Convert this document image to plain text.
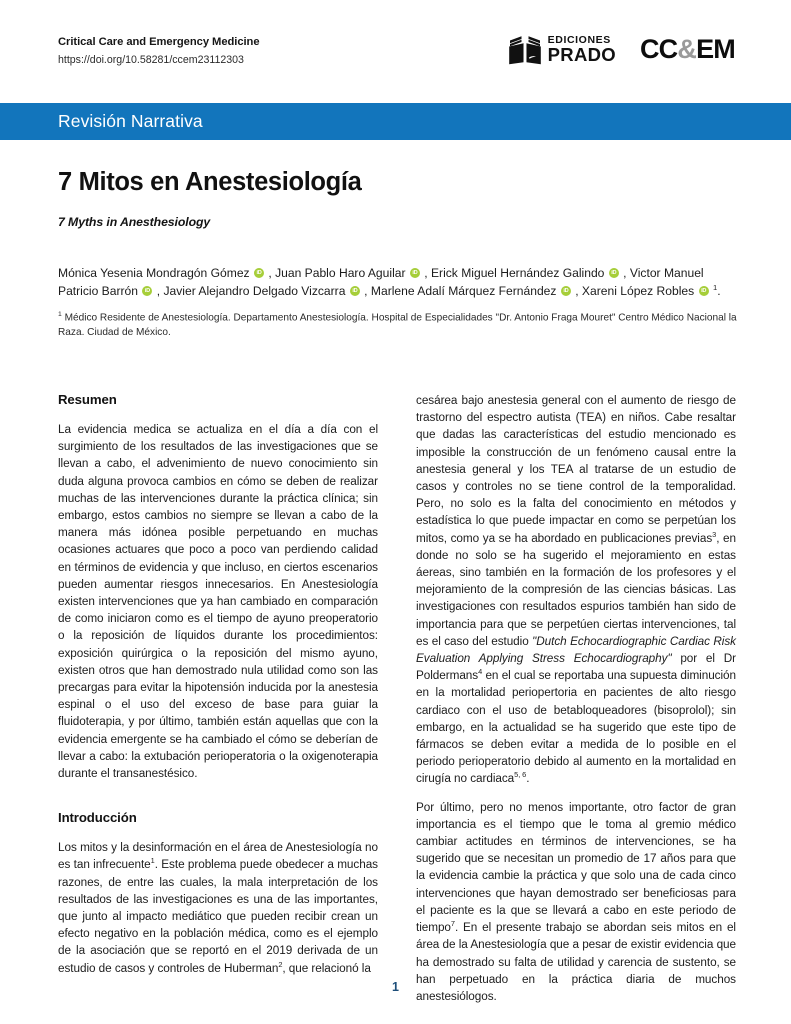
Critical Care and Emergency Medicine
https://doi.org/10.58281/ccem23112303
EDICIONES
PRADO CC&EM
Revisión Narrativa
7 Mitos en Anestesiología
7 Myths in Anesthesiology
Mónica Yesenia Mondragón Gómez iD , Juan Pablo Haro Aguilar iD , Erick Miguel Hernández Galindo iD , Victor Manuel Patricio Barrón iD , Javier Alejandro Delgado Vizcarra iD , Marlene Adalí Márquez Fernández iD , Xareni López Robles iD $^1$.
$^1$ Médico Residente de Anestesiología. Departamento Anestesiología. Hospital de Especialidades "Dr. Antonio Fraga Mouret" Centro Médico Nacional la Raza. Ciudad de México.
Resumen

La evidencia medica se actualiza en el día a día con el surgimiento de los resultados de las investigaciones que se llevan a cabo, el advenimiento de nuevo conocimiento sin duda alguna provoca cambios en cómo se deben de realizar muchas de las intervenciones durante la práctica clínica; sin embargo, estos cambios no siempre se llevan a cabo de la manera más idónea posible perpetuando en muchas ocasiones actuares que poco a poco van perdiendo calidad en términos de evidencia y que incluso, en ciertos escenarios pueden aumentar riesgos innecesarios. En Anestesiología existen intervenciones que ya han cambiado en comparación de como iniciaron como es el tiempo de ayuno preoperatorio o la reposición de líquidos durante los procedimientos: exposición quirúrgica o la reposición del mismo ayuno, existen otros que han demostrado nula utilidad como son las precargas para evitar la hipotensión inducida por la anestesia espinal o el uso del exceso de base para guiar la fluidoterapia, y por último, también están aquellas que con la evidencia emergente se ha cambiado el cómo se deberían de llevar a cabo: la extubación perioperatoria o la oxigenoterapia durante el transanestésico.

Introducción

Los mitos y la desinformación en el área de Anestesiología no es tan infrecuente$^1$. Este problema puede obedecer a muchas razones, de entre las cuales, la mala interpretación de los resultados de las investigaciones es una de las importantes, que junto al impacto mediático que pueden recibir crean un efecto negativo en la población médica, como es el ejemplo de la asociación que se reportó en el 2019 derivada de un estudio de casos y controles de Huberman$^2$, que relacionó la

cesárea bajo anestesia general con el aumento de riesgo de trastorno del espectro autista (TEA) en niños. Cabe resaltar que dadas las características del estudio mencionado es imposible la construcción de un fenómeno causal entre la anestesia general y los TEA al tratarse de un estudio de casos y controles no se tiene control de la temporalidad. Pero, no solo es la falta del conocimiento en métodos y estadística lo que puede impactar en como se perpetúan los mitos, como ya se ha abordado en publicaciones previas$^3$, en donde no solo se ha sugerido el mejoramiento en estas áereas, sino también en la formación de los profesores y el mejoramiento de la compresión de las ciencias básicas. Las investigaciones con resultados espurios también han sido de importancia para que se perpetúen ciertas intervenciones, tal es el caso del estudio "Dutch Echocardiographic Cardiac Risk Evaluation Applying Stress Echocardiography" por el Dr Poldermans$^4$ en el cual se reportaba una supuesta diminución en la mortalidad periopertoria en pacientes de alto riesgo cardiaco con el uso de betabloqueadores (bisoprolol); sin embargo, en la actualidad se ha sugerido que este tipo de fármacos se deben evitar a medida de lo posible en el periodo perioperatorio debido al aumento en la mortalidad en cirugía no cardiaca$^{5, 6}$.

Por último, pero no menos importante, otro factor de gran importancia es el tiempo que le toma al gremio médico cambiar actitudes en términos de intervenciones, se ha sugerido que se necesitan un promedio de 17 años para que la evidencia cambie la práctica y que solo una de cada cinco intervenciones que hayan demostrado ser beneficiosas para el paciente es la que se llevará a cabo en este periodo de tiempo$^7$. En el presente trabajo se abordan seis mitos en el área de la Anestesiología que a pesar de existir evidencia que ha demostrado su falta de utilidad y carencia de sustento, se han perpetuado en la práctica diaria de muchos anestesiólogos.

1
